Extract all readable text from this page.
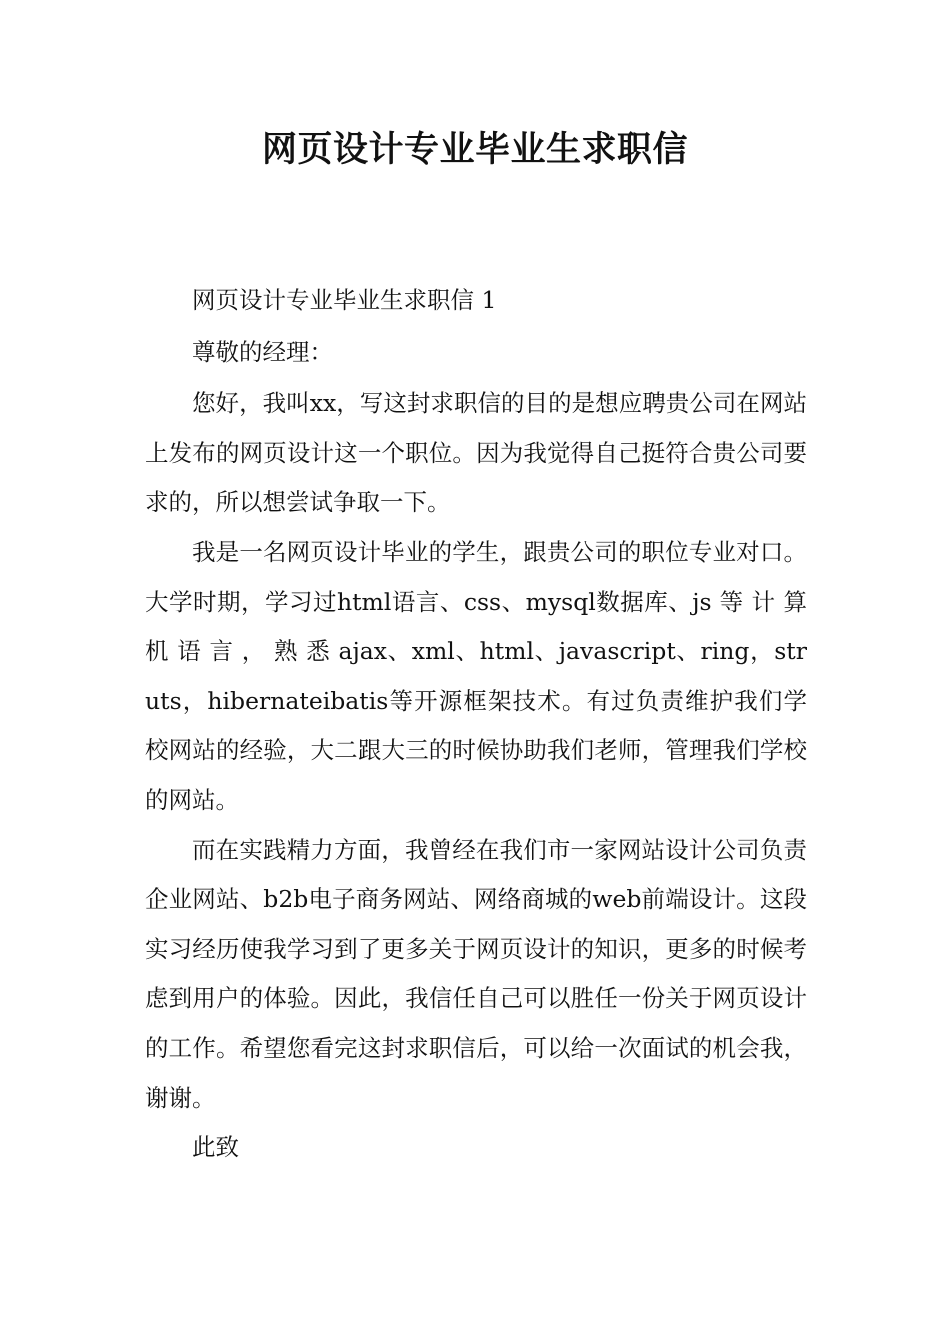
网页设计专业毕业生求职信

网页设计专业毕业生求职信 1

尊敬的经理：

您好，我叫xx，写这封求职信的目的是想应聘贵公司在网站上发布的网页设计这一个职位。因为我觉得自己挺符合贵公司要求的，所以想尝试争取一下。

我是一名网页设计毕业的学生，跟贵公司的职位专业对口。大学时期，学习过html语言、css、mysql数据库、js 等 计 算 机 语 言 ， 熟 悉 ajax、xml、html、javascript、ring，struts，hibernateibatis等开源框架技术。有过负责维护我们学校网站的经验，大二跟大三的时候协助我们老师，管理我们学校的网站。

而在实践精力方面，我曾经在我们市一家网站设计公司负责企业网站、b2b电子商务网站、网络商城的web前端设计。这段实习经历使我学习到了更多关于网页设计的知识，更多的时候考虑到用户的体验。因此，我信任自己可以胜任一份关于网页设计的工作。希望您看完这封求职信后，可以给一次面试的机会我，谢谢。

此致
